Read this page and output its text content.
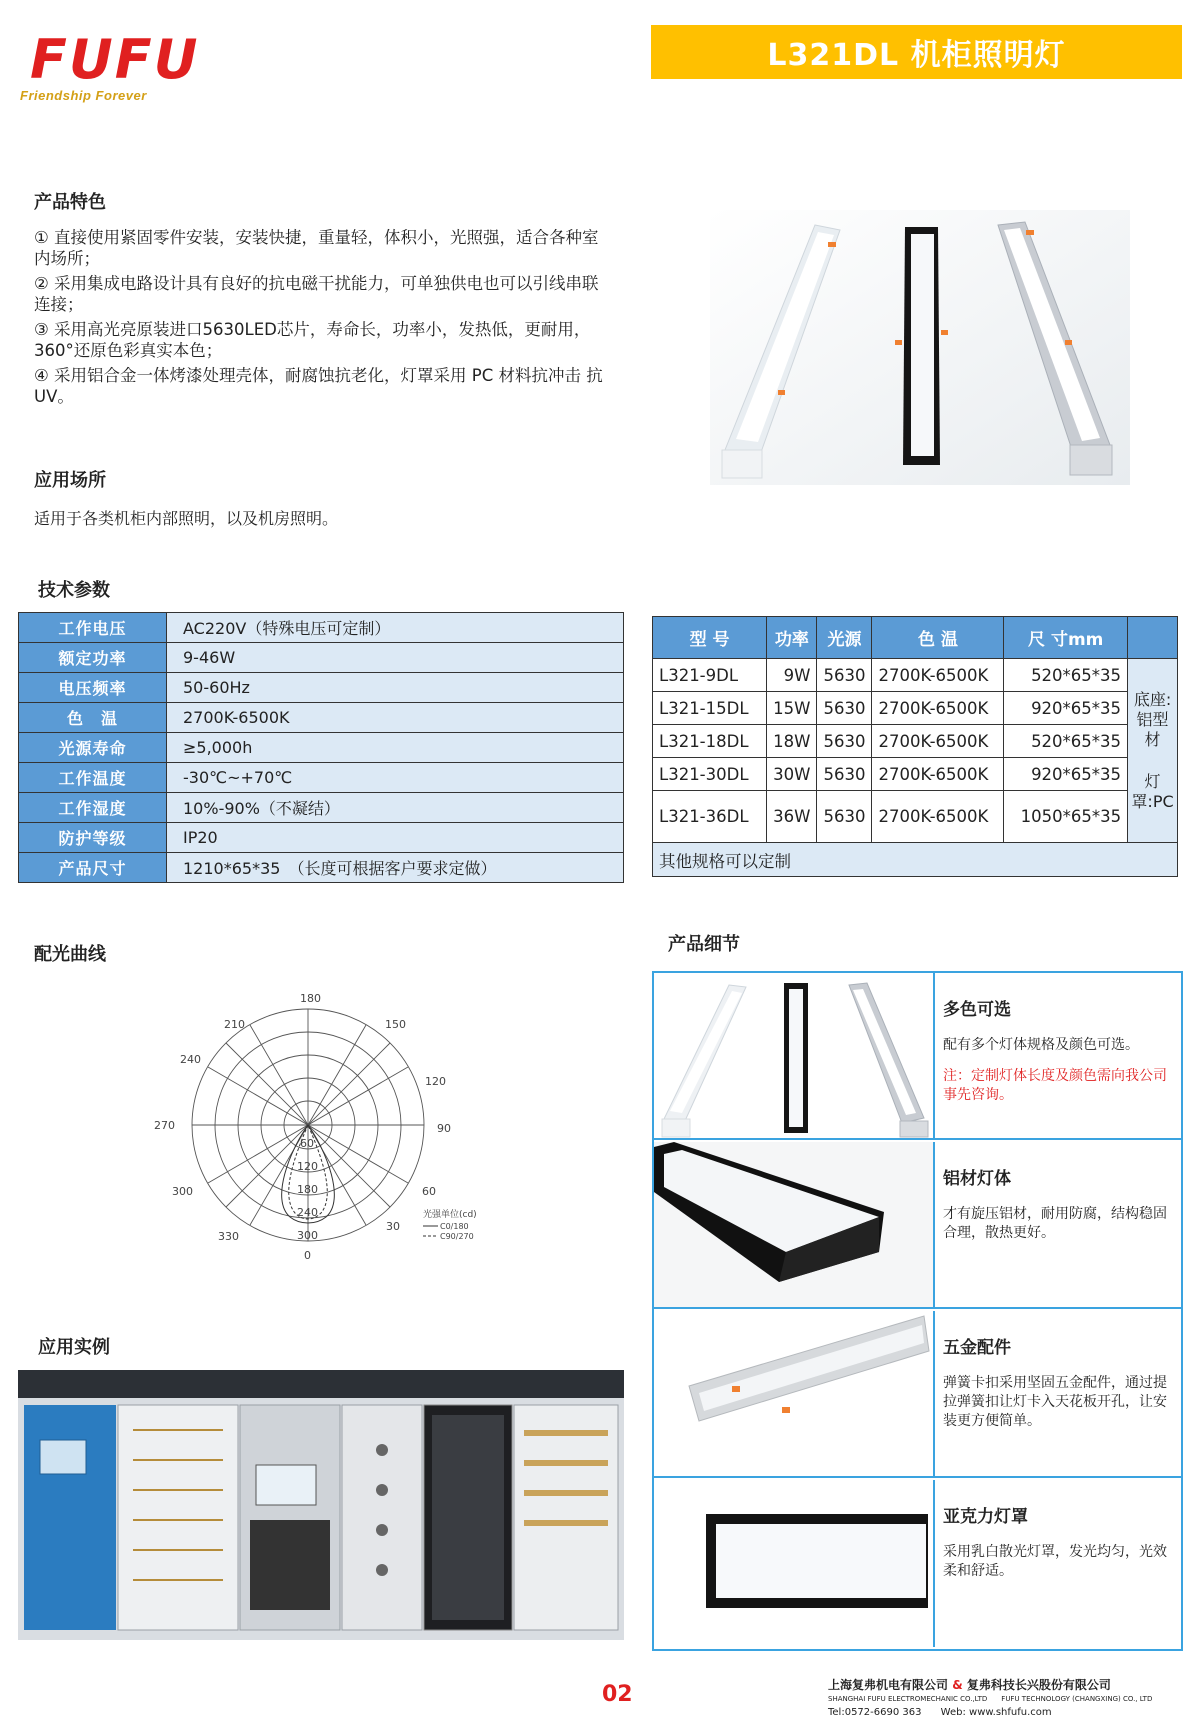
FUFU
Friendship Forever
L321DL 机柜照明灯
产品特色

① 直接使用紧固零件安装，安装快捷，重量轻，体积小，光照强，适合各种室内场所；

② 采用集成电路设计具有良好的抗电磁干扰能力，可单独供电也可以引线串联连接；

③ 采用高光亮原装进口5630LED芯片，寿命长，功率小，发热低，更耐用，360°还原色彩真实本色；

④ 采用铝合金一体烤漆处理壳体，耐腐蚀抗老化，灯罩采用 PC 材料抗冲击 抗 UV。

应用场所
适用于各类机柜内部照明，以及机房照明。
技术参数
工作电压	AC220V（特殊电压可定制）
额定功率	9-46W
电压频率	50-60Hz
色　温	2700K-6500K
光源寿命	≥5,000h
工作温度	-30℃~+70℃
工作湿度	10%-90%（不凝结）
防护等级	IP20
产品尺寸	1210*65*35　（长度可根据客户要求定做）
型 号	功率	光源	色 温	尺 寸mm	
L321-9DL	9W	5630	2700K-6500K	520*65*35	底座:铝型材
灯罩:PC

L321-15DL	15W	5630	2700K-6500K	920*65*35	
L321-18DL	18W	5630	2700K-6500K	520*65*35	
L321-30DL	30W	5630	2700K-6500K	920*65*35	
L321-36DL	36W	5630	2700K-6500K	1050*65*35	
其他规格可以定制					
配光曲线
180
210	150
240
120
270	90
300	60
330
30
0
60
120
180
240
300
光强单位(cd)
C0/180
C90/270
应用实例
产品细节
多色可选
配有多个灯体规格及颜色可选。
注：定制灯体长度及颜色需向我公司事先咨询。
铝材灯体
才有旋压铝材，耐用防腐，结构稳固合理，散热更好。
五金配件
弹簧卡扣采用坚固五金配件，通过提拉弹簧扣让灯卡入天花板开孔，让安装更方便简单。
亚克力灯罩
采用乳白散光灯罩，发光均匀，光效柔和舒适。
02	上海复弗机电有限公司 & 复弗科技长兴股份有限公司
SHANGHAI FUFU ELECTROMECHANIC CO.,LTD　　FUFU TECHNOLOGY (CHANGXING) CO., LTD
Tel:0572-6690 363 Web: www.shfufu.com
